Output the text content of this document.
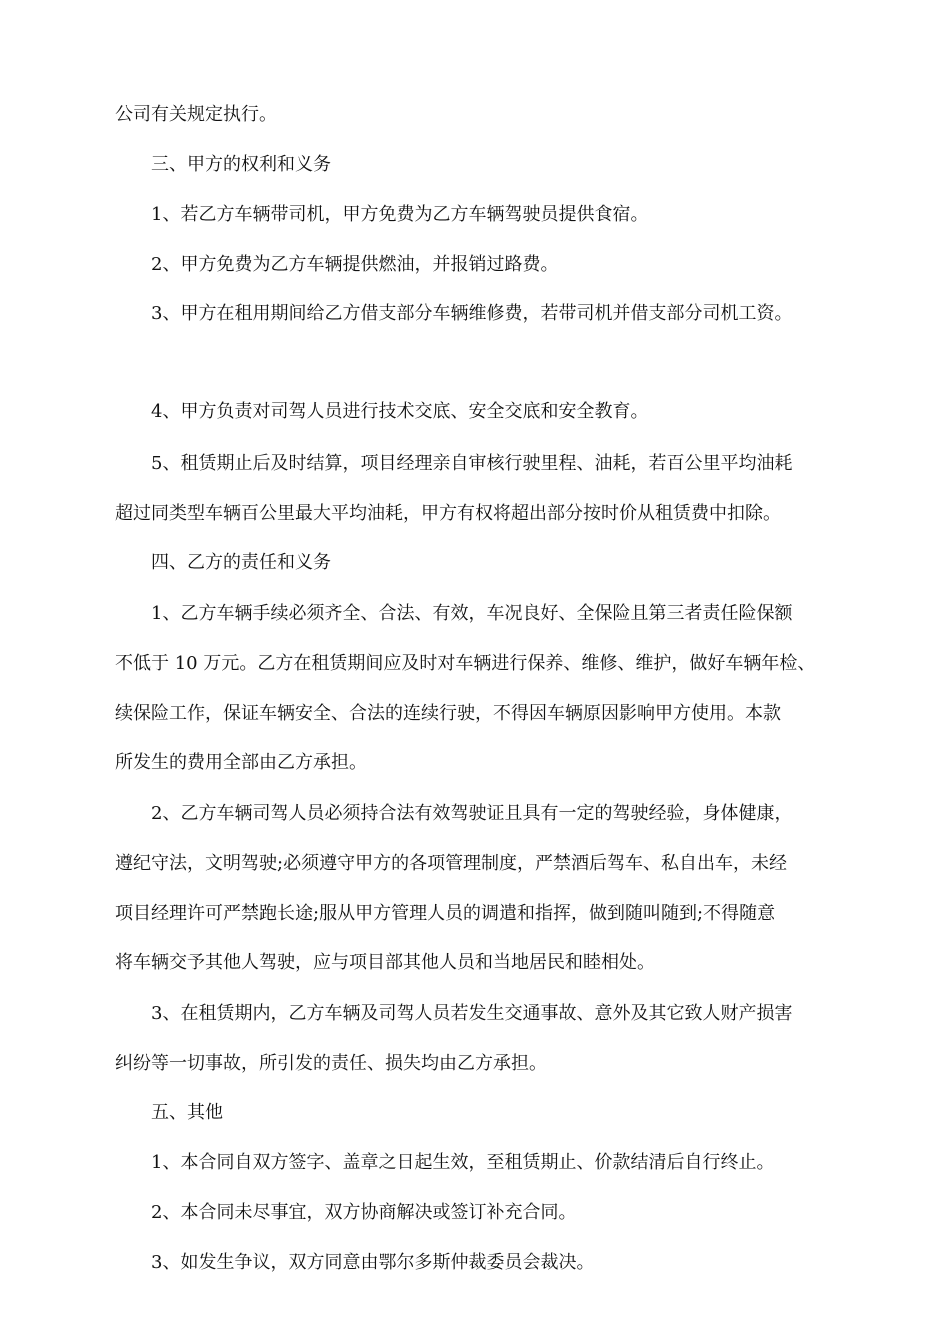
公司有关规定执行。
三、甲方的权利和义务
1、若乙方车辆带司机，甲方免费为乙方车辆驾驶员提供食宿。
2、甲方免费为乙方车辆提供燃油，并报销过路费。
3、甲方在租用期间给乙方借支部分车辆维修费，若带司机并借支部分司机工资。
4、甲方负责对司驾人员进行技术交底、安全交底和安全教育。
5、租赁期止后及时结算，项目经理亲自审核行驶里程、油耗，若百公里平均油耗
超过同类型车辆百公里最大平均油耗，甲方有权将超出部分按时价从租赁费中扣除。
四、乙方的责任和义务
1、乙方车辆手续必须齐全、合法、有效，车况良好、全保险且第三者责任险保额
不低于 10 万元。乙方在租赁期间应及时对车辆进行保养、维修、维护，做好车辆年检、
续保险工作，保证车辆安全、合法的连续行驶，不得因车辆原因影响甲方使用。本款
所发生的费用全部由乙方承担。
2、乙方车辆司驾人员必须持合法有效驾驶证且具有一定的驾驶经验，身体健康，
遵纪守法，文明驾驶;必须遵守甲方的各项管理制度，严禁酒后驾车、私自出车，未经
项目经理许可严禁跑长途;服从甲方管理人员的调遣和指挥，做到随叫随到;不得随意
将车辆交予其他人驾驶，应与项目部其他人员和当地居民和睦相处。
3、在租赁期内，乙方车辆及司驾人员若发生交通事故、意外及其它致人财产损害
纠纷等一切事故，所引发的责任、损失均由乙方承担。
五、其他
1、本合同自双方签字、盖章之日起生效，至租赁期止、价款结清后自行终止。
2、本合同未尽事宜，双方协商解决或签订补充合同。
3、如发生争议，双方同意由鄂尔多斯仲裁委员会裁决。
